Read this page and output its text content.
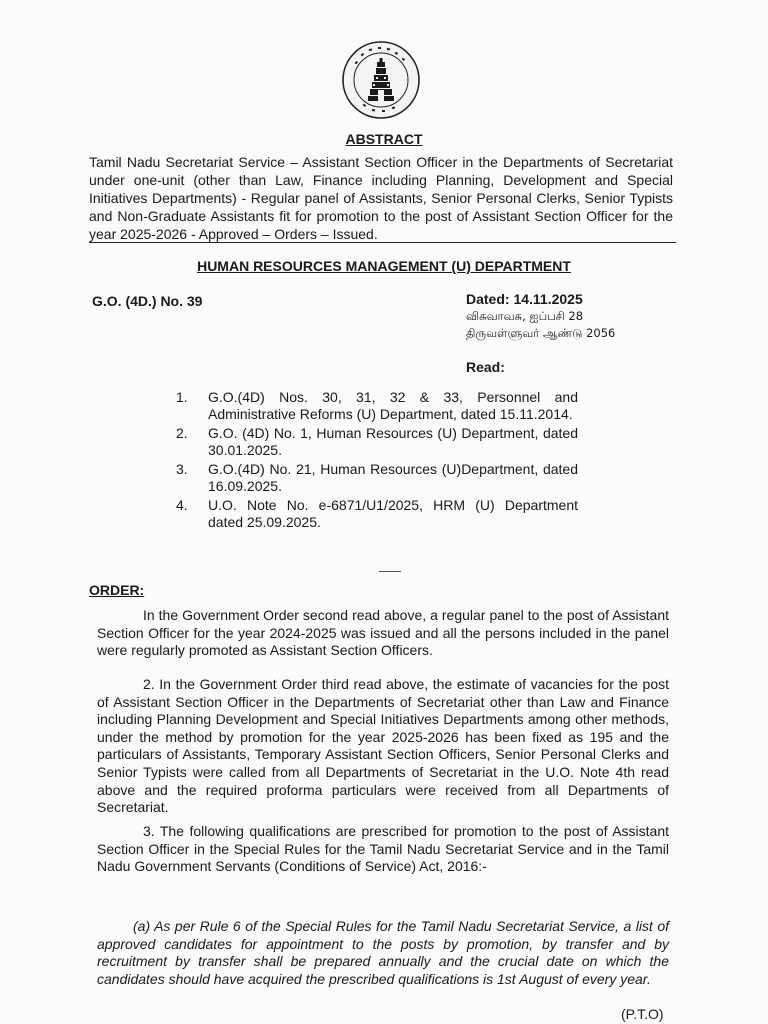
ABSTRACT
Tamil Nadu Secretariat Service – Assistant Section Officer in the Departments of Secretariat under one-unit (other than Law, Finance including Planning, Development and Special Initiatives Departments) - Regular panel of Assistants, Senior Personal Clerks, Senior Typists and Non-Graduate Assistants fit for promotion to the post of Assistant Section Officer for the year 2025-2026 - Approved – Orders – Issued.
HUMAN RESOURCES MANAGEMENT (U) DEPARTMENT
G.O. (4D.) No. 39	Dated: 14.11.2025
விசுவாவசு, ஐப்பசி 28
திருவள்ளுவர் ஆண்டு 2056
Read:
1.	G.O.(4D) Nos. 30, 31, 32 & 33, Personnel and Administrative Reforms (U) Department, dated 15.11.2014.
2.	G.O. (4D) No. 1, Human Resources (U) Department, dated 30.01.2025.
3.	G.O.(4D) No. 21, Human Resources (U)Department, dated 16.09.2025.
4.	U.O. Note No. e-6871/U1/2025, HRM (U) Department dated 25.09.2025.
ORDER:
In the Government Order second read above, a regular panel to the post of Assistant Section Officer for the year 2024-2025 was issued and all the persons included in the panel were regularly promoted as Assistant Section Officers.
2. In the Government Order third read above, the estimate of vacancies for the post of Assistant Section Officer in the Departments of Secretariat other than Law and Finance including Planning Development and Special Initiatives Departments among other methods, under the method by promotion for the year 2025-2026 has been fixed as 195 and the particulars of Assistants, Temporary Assistant Section Officers, Senior Personal Clerks and Senior Typists were called from all Departments of Secretariat in the U.O. Note 4th read above and the required proforma particulars were received from all Departments of Secretariat.
3. The following qualifications are prescribed for promotion to the post of Assistant Section Officer in the Special Rules for the Tamil Nadu Secretariat Service and in the Tamil Nadu Government Servants (Conditions of Service) Act, 2016:-
(a) As per Rule 6 of the Special Rules for the Tamil Nadu Secretariat Service, a list of approved candidates for appointment to the posts by promotion, by transfer and by recruitment by transfer shall be prepared annually and the crucial date on which the candidates should have acquired the prescribed qualifications is 1st August of every year.
(P.T.O)
